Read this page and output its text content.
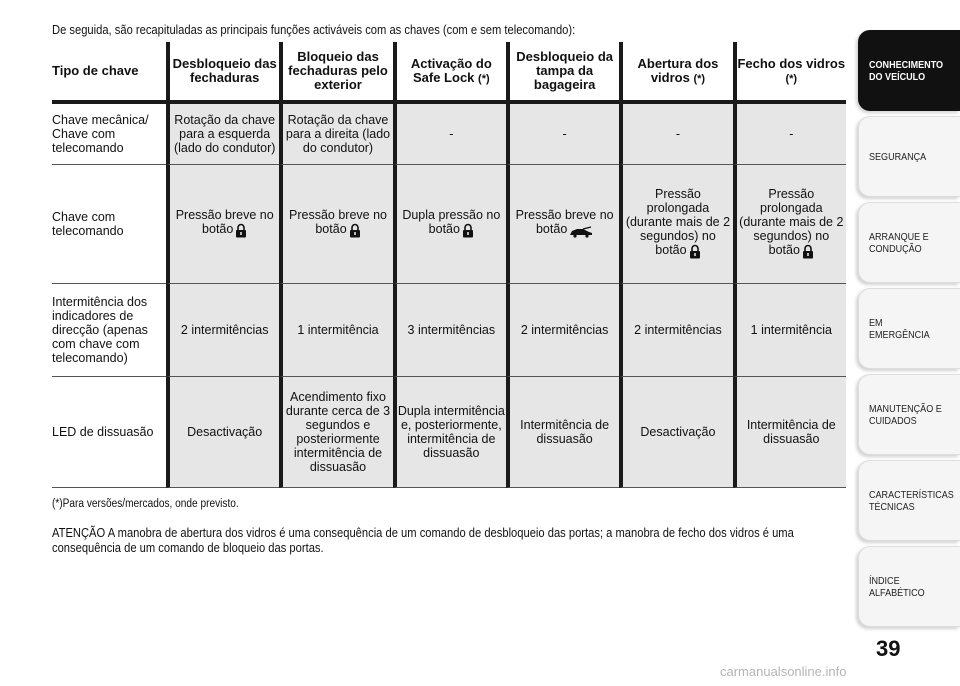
De seguida, são recapituladas as principais funções activáveis com as chaves (com e sem telecomando):
Tipo de chave	Desbloqueio das fechaduras	Bloqueio das fechaduras pelo exterior	Activação do Safe Lock (*)	Desbloqueio da tampa da bagageira	Abertura dos vidros (*)	Fecho dos vidros (*)
Chave mecânica/ Chave com telecomando	Rotação da chave para a esquerda (lado do condutor)	Rotação da chave para a direita (lado do condutor)	-	-	-	-
Chave com telecomando	Pressão breve no botão	Pressão breve no botão	Dupla pressão no botão	Pressão breve no botão	Pressão prolongada (durante mais de 2 segundos) no botão	Pressão prolongada (durante mais de 2 segundos) no botão
Intermitência dos indicadores de direcção (apenas com chave com telecomando)	2 intermitências	1 intermitência	3 intermitências	2 intermitências	2 intermitências	1 intermitência
LED de dissuasão	Desactivação	Acendimento fixo durante cerca de 3 segundos e posteriormente intermitência de dissuasão	Dupla intermitência e, posteriormente, intermitência de dissuasão	Intermitência de dissuasão	Desactivação	Intermitência de dissuasão
(*)Para versões/mercados, onde previsto.
ATENÇÃO A manobra de abertura dos vidros é uma consequência de um comando de desbloqueio das portas; a manobra de fecho dos vidros é uma consequência de um comando de bloqueio das portas.
CONHECIMENTO DO VEÍCULO
SEGURANÇA
ARRANQUE E CONDUÇÃO
EM EMERGÊNCIA
MANUTENÇÃO E CUIDADOS
CARACTERÍSTICAS TÉCNICAS
ÍNDICE ALFABÉTICO
39
carmanualsonline.info
